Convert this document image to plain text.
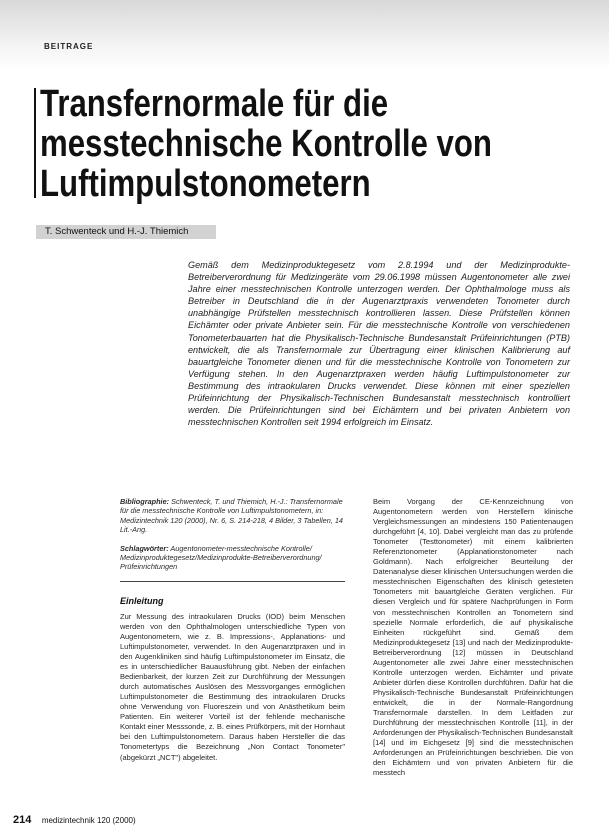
BEITRAGE
Transfernormale für die
messtechnische Kontrolle von
Luftimpulstonometern
T. Schwenteck und H.-J. Thiemich

Gemäß dem Medizinproduktegesetz vom 2.8.1994 und der Medizinprodukte-Betreiberverordnung für Medizingeräte vom 29.06.1998 müssen Augentonometer alle zwei Jahre einer messtechnischen Kontrolle unterzogen werden. Der Ophthalmologe muss als Betreiber in Deutschland die in der Augenarztpraxis verwendeten Tonometer durch unabhängige Prüfstellen messtechnisch kontrollieren lassen. Diese Prüfstellen können Eichämter oder private Anbieter sein. Für die messtechnische Kontrolle von verschiedenen Tonometerbauarten hat die Physikalisch-Technische Bundesanstalt Prüfeinrichtungen (PTB) entwickelt, die als Transfernormale zur Übertragung einer klinischen Kalibrierung auf bauartgleiche Tonometer dienen und für die messtechnische Kontrolle von Tonometern zur Verfügung stehen. In den Augenarztpraxen werden häufig Luftimpulstonometer zur Bestimmung des intraokularen Drucks verwendet. Diese können mit einer speziellen Prüfeinrichtung der Physikalisch-Technischen Bundesanstalt messtechnisch kontrolliert werden. Die Prüfeinrichtungen sind bei Eichämtern und bei privaten Anbietern von messtechnischen Kontrollen seit 1994 erfolgreich im Einsatz.

Bibliographie: Schwenteck, T. und Thiemich, H.-J.: Transfernormale für die messtechnische Kontrolle von Luftimpulstonometern, in: Medizintechnik 120 (2000), Nr. 6, S. 214-218, 4 Bilder, 3 Tabellen, 14 Lit.-Ang.

Schlagwörter: Augentonometer-messtechnische Kontrolle/ Medizinproduktegesetz/Medizinprodukte-Betreiberverordnung/ Prüfeinrichtungen

Einleitung

Zur Messung des intraokularen Drucks (IOD) beim Menschen werden von den Ophthalmologen unterschiedliche Typen von Augentonometern, wie z. B. Impressions-, Applanations- und Luftimpulstonometer, verwendet. In den Augenarztpraxen und in den Augenkliniken sind häufig Luftimpulstonometer im Einsatz, die es in unterschiedlicher Bauausführung gibt. Neben der einfachen Bedienbarkeit, der kurzen Zeit zur Durchführung der Messungen durch automatisches Auslösen des Messvorganges ermöglichen Luftimpulstonometer die Bestimmung des intraokularen Drucks ohne Verwendung von Fluoreszein und von Anästhetikum beim Patienten. Ein weiterer Vorteil ist der fehlende mechanische Kontakt einer Messsonde, z. B. eines Prüfkörpers, mit der Hornhaut bei den Luftimpulstonometern. Daraus haben Hersteller die das Tonometertyps die Bezeichnung „Non Contact Tonometer" (abgekürzt „NCT") abgeleitet.

Beim Vorgang der CE-Kennzeichnung von Augentonometern werden von Herstellern klinische Vergleichsmessungen an mindestens 150 Patientenaugen durchgeführt [4, 10]. Dabei vergleicht man das zu prüfende Tonometer (Testtonometer) mit einem kalibrierten Referenztonometer (Applanationstonometer nach Goldmann). Nach erfolgreicher Beurteilung der Datenanalyse dieser klinischen Untersuchungen werden die messtechnischen Eigenschaften des klinisch getesteten Tonometers mit bauartgleiche Geräten verglichen. Für diesen Vergleich und für spätere Nachprüfungen in Form von messtechnischen Kontrollen an Tonometern sind spezielle Normale erforderlich, die auf physikalische Einheiten rückgeführt sind. Gemäß dem Medizinproduktegesetz [13] und nach der Medizinprodukte-Betreiberverordnung [12] müssen in Deutschland Augentonometer alle zwei Jahre einer messtechnischen Kontrolle unterzogen werden. Eichämter und private Anbieter dürfen diese Kontrollen durchführen. Dafür hat die Physikalisch-Technische Bundesanstalt Prüfeinrichtungen entwickelt, die in der Normale-Rangordnung Transfernormale darstellen. In dem Leitfaden zur Durchführung der messtechnischen Kontrolle [11], in der Anforderungen der Physikalisch-Technischen Bundesanstalt [14] und im Eichgesetz [9] sind die messtechnischen Anforderungen an Prüfeinrichtungen beschrieben. Die von den Eichämtern und von privaten Anbietern für die messtech

214 medizintechnik 120 (2000)
